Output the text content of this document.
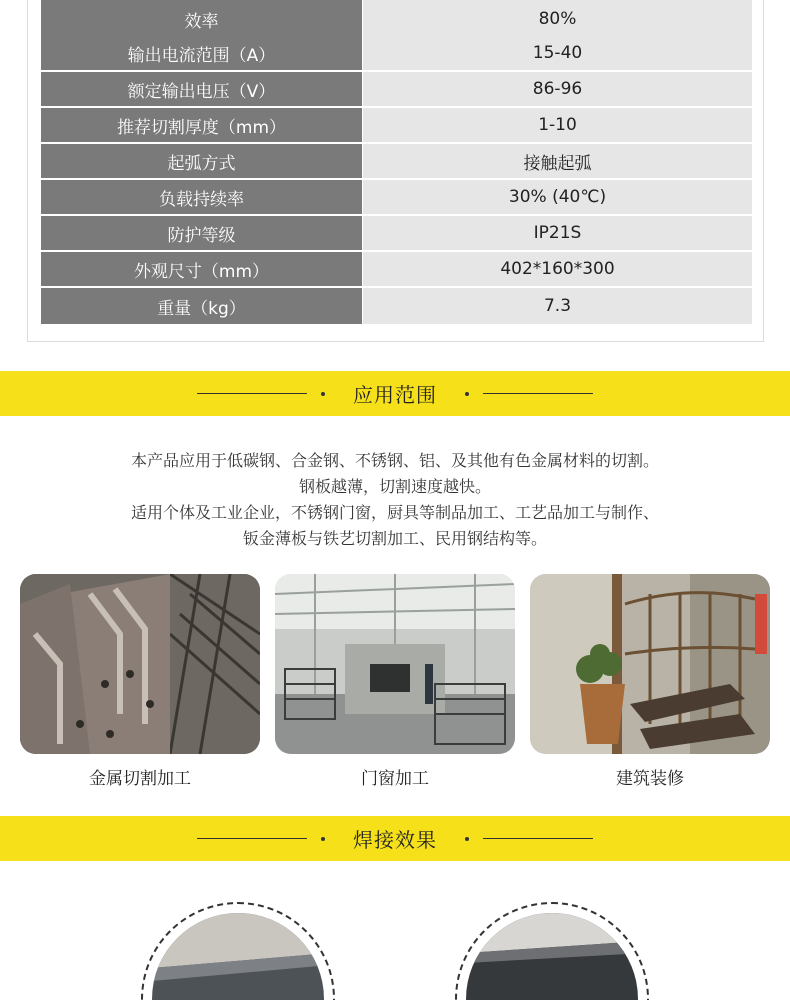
效率	80%
输出电流范围（A）	15-40
额定输出电压（V）	86-96
推荐切割厚度（mm）	1-10
起弧方式	接触起弧
负载持续率	30% (40℃)
防护等级	IP21S
外观尺寸（mm）	402*160*300
重量（kg）	7.3
应用范围
本产品应用于低碳钢、合金钢、不锈钢、铝、及其他有色金属材料的切割。
钢板越薄，切割速度越快。
适用个体及工业企业，不锈钢门窗，厨具等制品加工、工艺品加工与制作、
钣金薄板与铁艺切割加工、民用钢结构等。
金属切割加工	门窗加工	建筑装修
焊接效果
